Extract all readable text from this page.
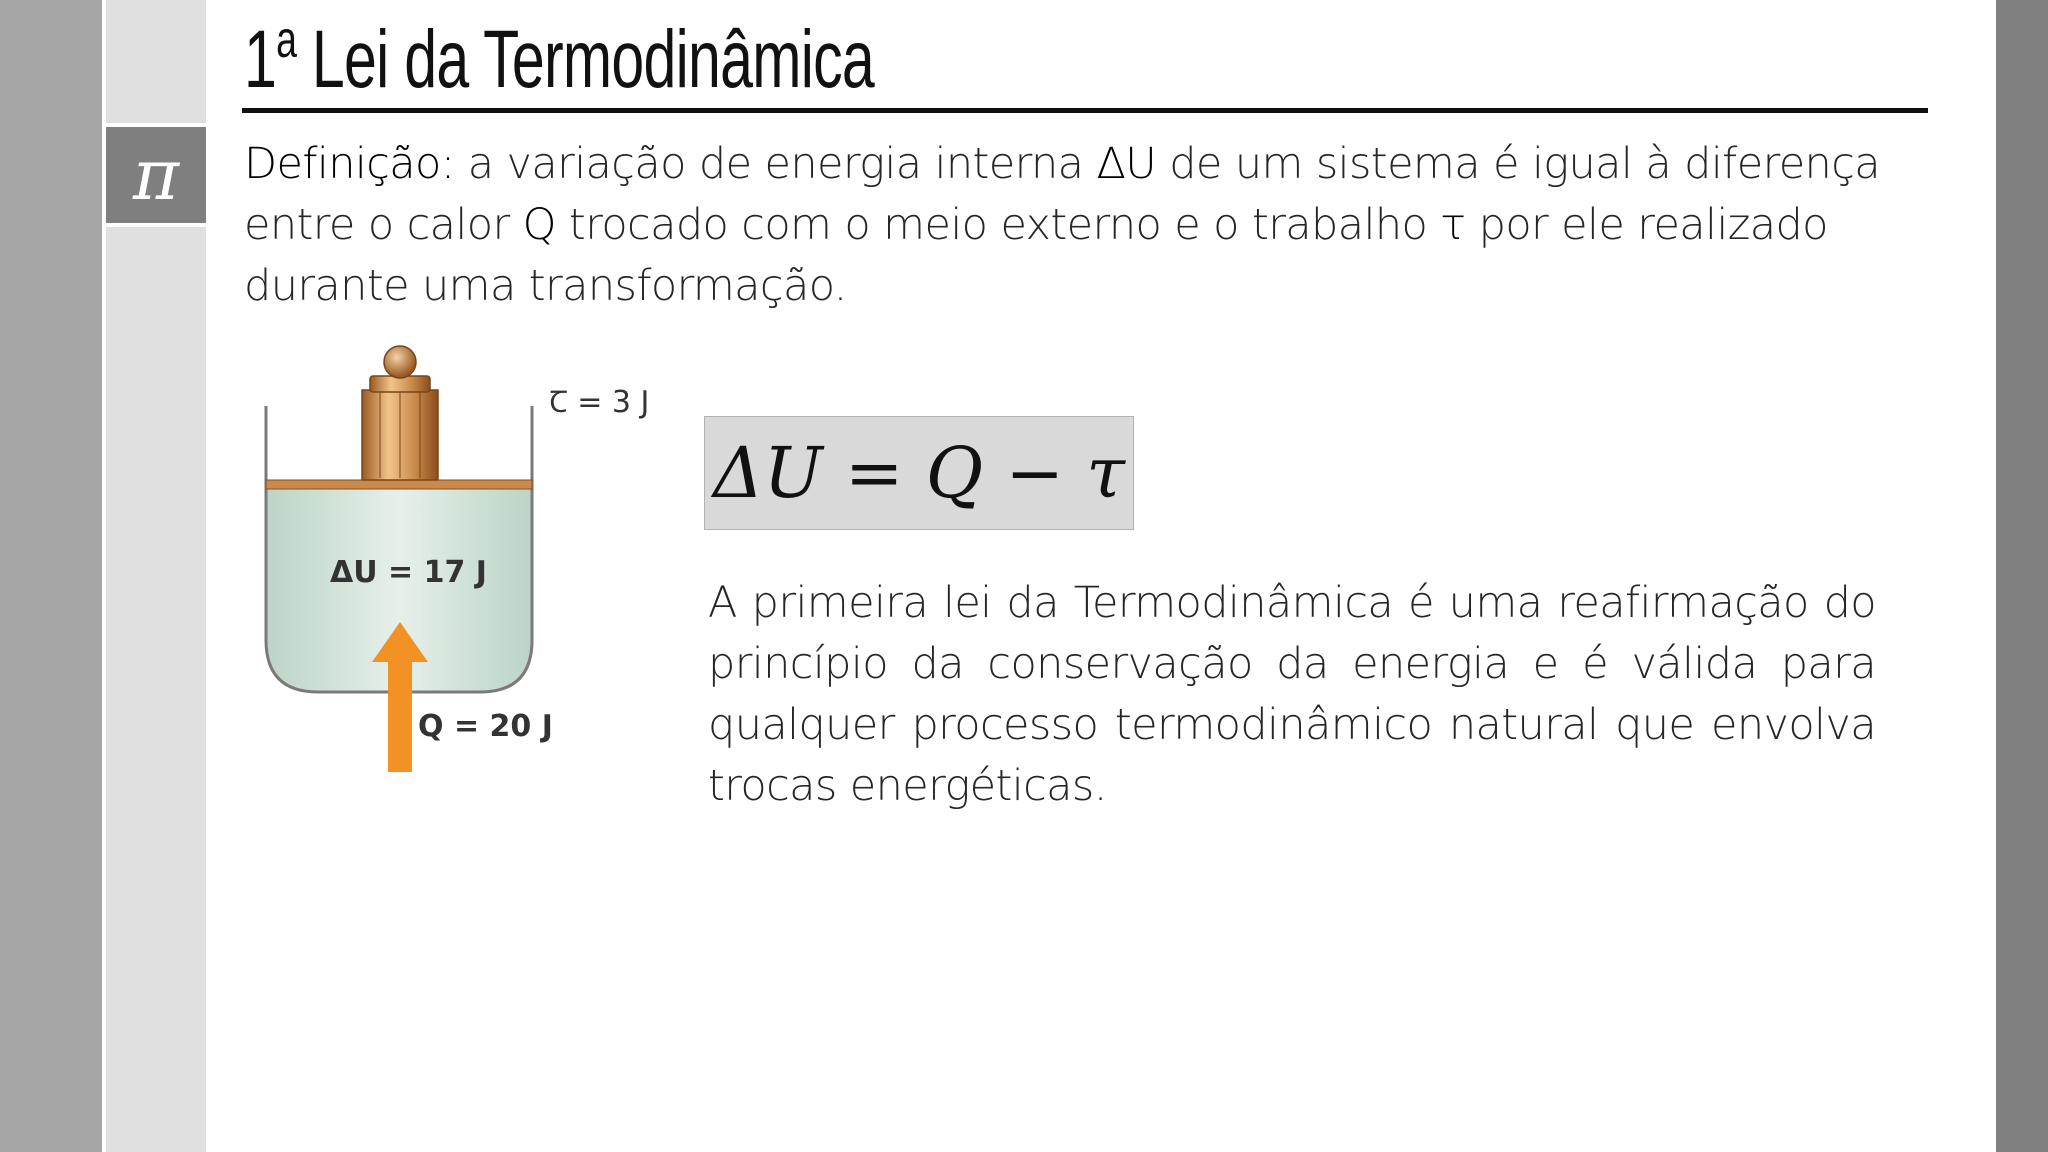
π
1$^a$ Lei da Termodinâmica
Definição: a variação de energia interna ΔU de um sistema é igual à diferença entre o calor Q trocado com o meio externo e o trabalho τ por ele realizado durante uma transformação.
Ꞇ = 3 J
ΔU = 17 J
Q = 20 J
ΔU = Q − τ
A primeira lei da Termodinâmica é uma reafirmação do princípio da conservação da energia e é válida para qualquer processo termodinâmico natural que envolva trocas energéticas.
